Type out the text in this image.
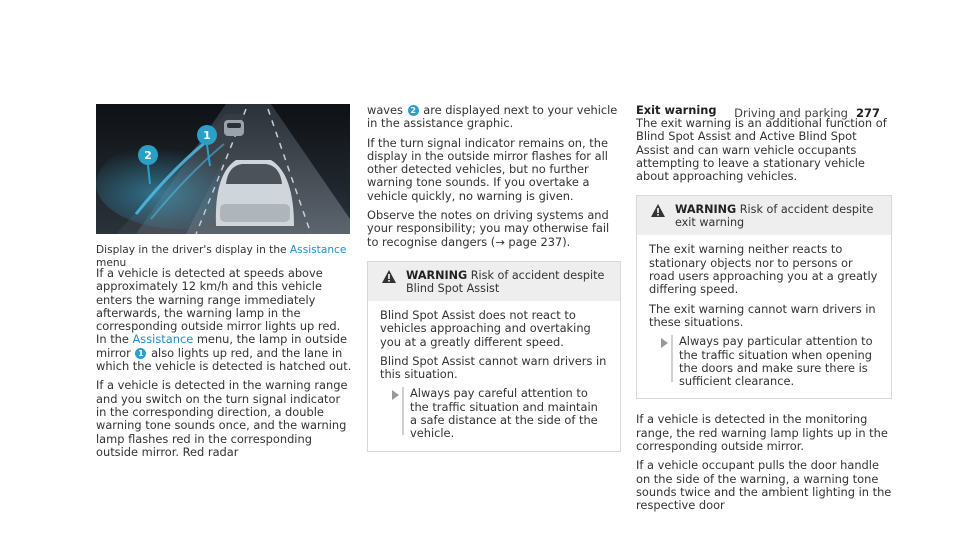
Driving and parking 277
1
2
Display in the driver's display in the Assistance menu

If a vehicle is detected at speeds above approximately 12 km/h and this vehicle enters the warning range immediately afterwards, the warning lamp in the corresponding outside mirror lights up red. In the Assistance menu, the lamp in outside mirror 1 also lights up red, and the lane in which the vehicle is detected is hatched out.

If a vehicle is detected in the warning range and you switch on the turn signal indicator in the corresponding direction, a double warning tone sounds once, and the warning lamp flashes red in the corresponding outside mirror. Red radar

waves 2 are displayed next to your vehicle in the assistance graphic.

If the turn signal indicator remains on, the display in the outside mirror flashes for all other detected vehicles, but no further warning tone sounds. If you overtake a vehicle quickly, no warning is given.

Observe the notes on driving systems and your responsibility; you may otherwise fail to recognise dangers (→ page 237).

WARNING Risk of accident despite Blind Spot Assist

Blind Spot Assist does not react to vehicles approaching and overtaking you at a greatly different speed.

Blind Spot Assist cannot warn drivers in this situation.

Always pay careful attention to the traffic situation and maintain a safe distance at the side of the vehicle.

Exit warning

The exit warning is an additional function of Blind Spot Assist and Active Blind Spot Assist and can warn vehicle occupants attempting to leave a stationary vehicle about approaching vehicles.

WARNING Risk of accident despite exit warning

The exit warning neither reacts to stationary objects nor to persons or road users approaching you at a greatly differing speed.

The exit warning cannot warn drivers in these situations.

Always pay particular attention to the traffic situation when opening the doors and make sure there is sufficient clearance.

If a vehicle is detected in the monitoring range, the red warning lamp lights up in the corresponding outside mirror.

If a vehicle occupant pulls the door handle on the side of the warning, a warning tone sounds twice and the ambient lighting in the respective door
